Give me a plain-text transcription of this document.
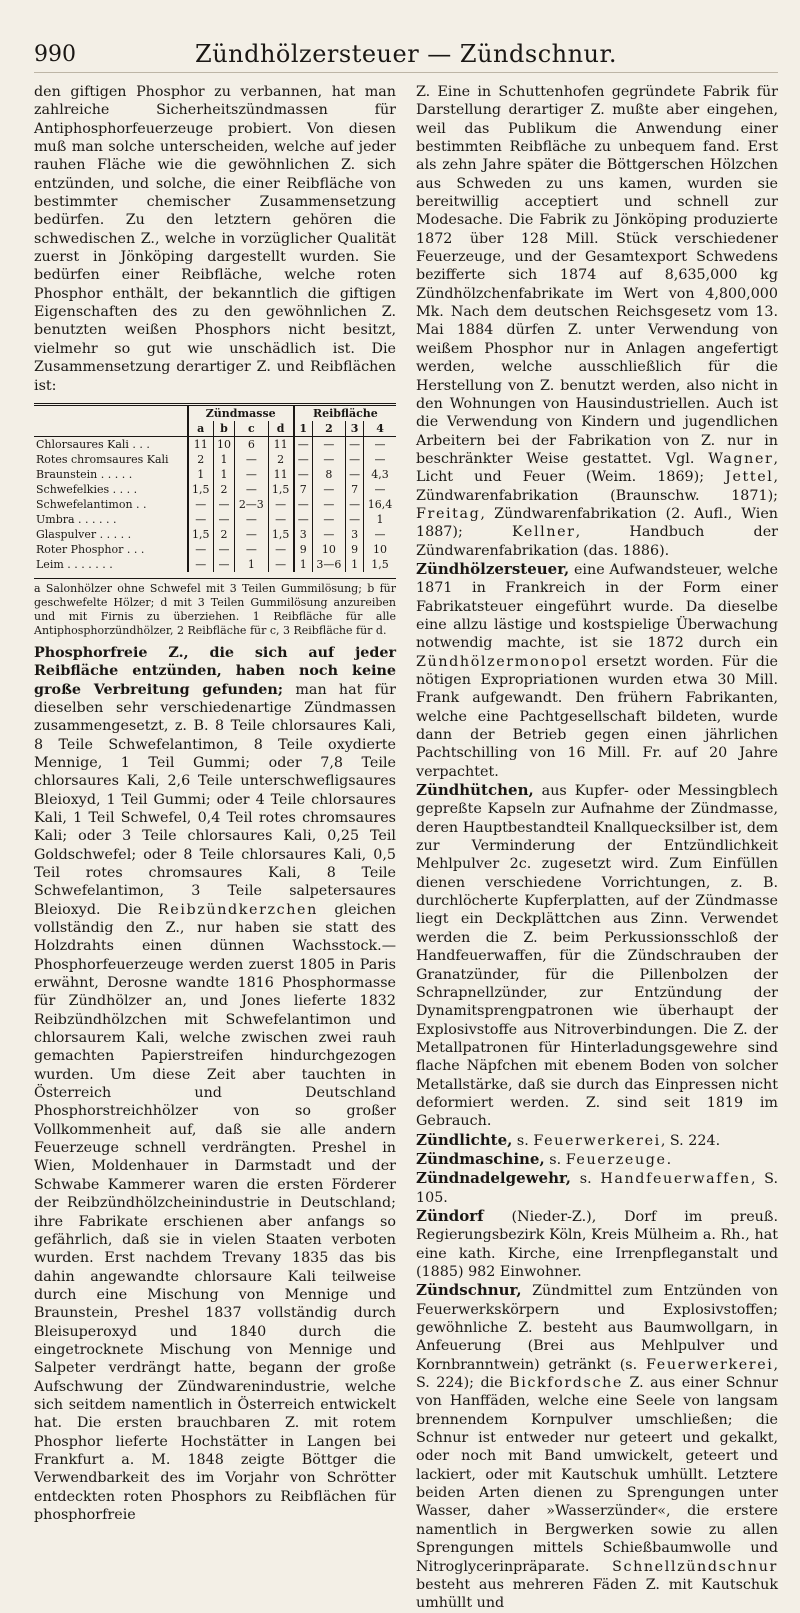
990	Zündhölzersteuer — Zündschnur.

den giftigen Phosphor zu verbannen, hat man zahlreiche Sicherheitszündmassen für Antiphosphorfeuerzeuge probiert. Von diesen muß man solche unterscheiden, welche auf jeder rauhen Fläche wie die gewöhnlichen Z. sich entzünden, und solche, die einer Reibfläche von bestimmter chemischer Zusammensetzung bedürfen. Zu den letztern gehören die schwedischen Z., welche in vorzüglicher Qualität zuerst in Jönköping dargestellt wurden. Sie bedürfen einer Reibfläche, welche roten Phosphor enthält, der bekanntlich die giftigen Eigenschaften des zu den gewöhnlichen Z. benutzten weißen Phosphors nicht besitzt, vielmehr so gut wie unschädlich ist. Die Zusammensetzung derartiger Z. und Reibflächen ist:

	Zündmasse				Reibfläche			
	a	b	c	d	1	2	3	4
Chlorsaures Kali . . .	11	10	6	11	—	—	—	—
Rotes chromsaures Kali	2	1	—	2	—	—	—	—
Braunstein . . . . .	1	1	—	11	—	8	—	4,3
Schwefelkies . . . .	1,5	2	—	1,5	7	—	7	—
Schwefelantimon . .	—	—	2—3	—	—	—	—	16,4
Umbra . . . . . .	—	—	—	—	—	—	—	1
Glaspulver . . . . .	1,5	2	—	1,5	3	—	3	—
Roter Phosphor . . .	—	—	—	—	9	10	9	10
Leim . . . . . . .	—	—	1	—	1	3—6	1	1,5
a Salonhölzer ohne Schwefel mit 3 Teilen Gummilösung; b für geschwefelte Hölzer; d mit 3 Teilen Gummilösung anzureiben und mit Firnis zu überziehen. 1 Reibfläche für alle Antiphosphorzündhölzer, 2 Reibfläche für c, 3 Reibfläche für d.

Phosphorfreie Z., die sich auf jeder Reibfläche entzünden, haben noch keine große Verbreitung gefunden; man hat für dieselben sehr verschiedenartige Zündmassen zusammengesetzt, z. B. 8 Teile chlorsaures Kali, 8 Teile Schwefelantimon, 8 Teile oxydierte Mennige, 1 Teil Gummi; oder 7,8 Teile chlorsaures Kali, 2,6 Teile unterschwefligsaures Bleioxyd, 1 Teil Gummi; oder 4 Teile chlorsaures Kali, 1 Teil Schwefel, 0,4 Teil rotes chromsaures Kali; oder 3 Teile chlorsaures Kali, 0,25 Teil Goldschwefel; oder 8 Teile chlorsaures Kali, 0,5 Teil rotes chromsaures Kali, 8 Teile Schwefelantimon, 3 Teile salpetersaures Bleioxyd. Die Reibzündkerzchen gleichen vollständig den Z., nur haben sie statt des Holzdrahts einen dünnen Wachsstock.—Phosphorfeuerzeuge werden zuerst 1805 in Paris erwähnt, Derosne wandte 1816 Phosphormasse für Zündhölzer an, und Jones lieferte 1832 Reibzündhölzchen mit Schwefelantimon und chlorsaurem Kali, welche zwischen zwei rauh gemachten Papierstreifen hindurchgezogen wurden. Um diese Zeit aber tauchten in Österreich und Deutschland Phosphorstreichhölzer von so großer Vollkommenheit auf, daß sie alle andern Feuerzeuge schnell verdrängten. Preshel in Wien, Moldenhauer in Darmstadt und der Schwabe Kammerer waren die ersten Förderer der Reibzündhölzcheinindustrie in Deutschland; ihre Fabrikate erschienen aber anfangs so gefährlich, daß sie in vielen Staaten verboten wurden. Erst nachdem Trevany 1835 das bis dahin angewandte chlorsaure Kali teilweise durch eine Mischung von Mennige und Braunstein, Preshel 1837 vollständig durch Bleisuperoxyd und 1840 durch die eingetrocknete Mischung von Mennige und Salpeter verdrängt hatte, begann der große Aufschwung der Zündwarenindustrie, welche sich seitdem namentlich in Österreich entwickelt hat. Die ersten brauchbaren Z. mit rotem Phosphor lieferte Hochstätter in Langen bei Frankfurt a. M. 1848 zeigte Böttger die Verwendbarkeit des im Vorjahr von Schrötter entdeckten roten Phosphors zu Reibflächen für phosphorfreie

Z. Eine in Schuttenhofen gegründete Fabrik für Darstellung derartiger Z. mußte aber eingehen, weil das Publikum die Anwendung einer bestimmten Reibfläche zu unbequem fand. Erst als zehn Jahre später die Böttgerschen Hölzchen aus Schweden zu uns kamen, wurden sie bereitwillig acceptiert und schnell zur Modesache. Die Fabrik zu Jönköping produzierte 1872 über 128 Mill. Stück verschiedener Feuerzeuge, und der Gesamtexport Schwedens bezifferte sich 1874 auf 8,635,000 kg Zündhölzchenfabrikate im Wert von 4,800,000 Mk. Nach dem deutschen Reichsgesetz vom 13. Mai 1884 dürfen Z. unter Verwendung von weißem Phosphor nur in Anlagen angefertigt werden, welche ausschließlich für die Herstellung von Z. benutzt werden, also nicht in den Wohnungen von Hausindustriellen. Auch ist die Verwendung von Kindern und jugendlichen Arbeitern bei der Fabrikation von Z. nur in beschränkter Weise gestattet. Vgl. Wagner, Licht und Feuer (Weim. 1869); Jettel, Zündwarenfabrikation (Braunschw. 1871); Freitag, Zündwarenfabrikation (2. Aufl., Wien 1887); Kellner, Handbuch der Zündwarenfabrikation (das. 1886).

Zündhölzersteuer, eine Aufwandsteuer, welche 1871 in Frankreich in der Form einer Fabrikatsteuer eingeführt wurde. Da dieselbe eine allzu lästige und kostspielige Überwachung notwendig machte, ist sie 1872 durch ein Zündhölzermonopol ersetzt worden. Für die nötigen Expropriationen wurden etwa 30 Mill. Frank aufgewandt. Den frühern Fabrikanten, welche eine Pachtgesellschaft bildeten, wurde dann der Betrieb gegen einen jährlichen Pachtschilling von 16 Mill. Fr. auf 20 Jahre verpachtet.

Zündhütchen, aus Kupfer- oder Messingblech gepreßte Kapseln zur Aufnahme der Zündmasse, deren Hauptbestandteil Knallquecksilber ist, dem zur Verminderung der Entzündlichkeit Mehlpulver 2c. zugesetzt wird. Zum Einfüllen dienen verschiedene Vorrichtungen, z. B. durchlöcherte Kupferplatten, auf der Zündmasse liegt ein Deckplättchen aus Zinn. Verwendet werden die Z. beim Perkussionsschloß der Handfeuerwaffen, für die Zündschrauben der Granatzünder, für die Pillenbolzen der Schrapnellzünder, zur Entzündung der Dynamitsprengpatronen wie überhaupt der Explosivstoffe aus Nitroverbindungen. Die Z. der Metallpatronen für Hinterladungsgewehre sind flache Näpfchen mit ebenem Boden von solcher Metallstärke, daß sie durch das Einpressen nicht deformiert werden. Z. sind seit 1819 im Gebrauch.

Zündlichte, s. Feuerwerkerei, S. 224.

Zündmaschine, s. Feuerzeuge.

Zündnadelgewehr, s. Handfeuerwaffen, S. 105.

Zündorf (Nieder-Z.), Dorf im preuß. Regierungsbezirk Köln, Kreis Mülheim a. Rh., hat eine kath. Kirche, eine Irrenpfleganstalt und (1885) 982 Einwohner.

Zündschnur, Zündmittel zum Entzünden von Feuerwerkskörpern und Explosivstoffen; gewöhnliche Z. besteht aus Baumwollgarn, in Anfeuerung (Brei aus Mehlpulver und Kornbranntwein) getränkt (s. Feuerwerkerei, S. 224); die Bickfordsche Z. aus einer Schnur von Hanffäden, welche eine Seele von langsam brennendem Kornpulver umschließen; die Schnur ist entweder nur geteert und gekalkt, oder noch mit Band umwickelt, geteert und lackiert, oder mit Kautschuk umhüllt. Letztere beiden Arten dienen zu Sprengungen unter Wasser, daher »Wasserzünder«, die erstere namentlich in Bergwerken sowie zu allen Sprengungen mittels Schießbaumwolle und Nitroglycerinpräparate. Schnellzündschnur besteht aus mehreren Fäden Z. mit Kautschuk umhüllt und
